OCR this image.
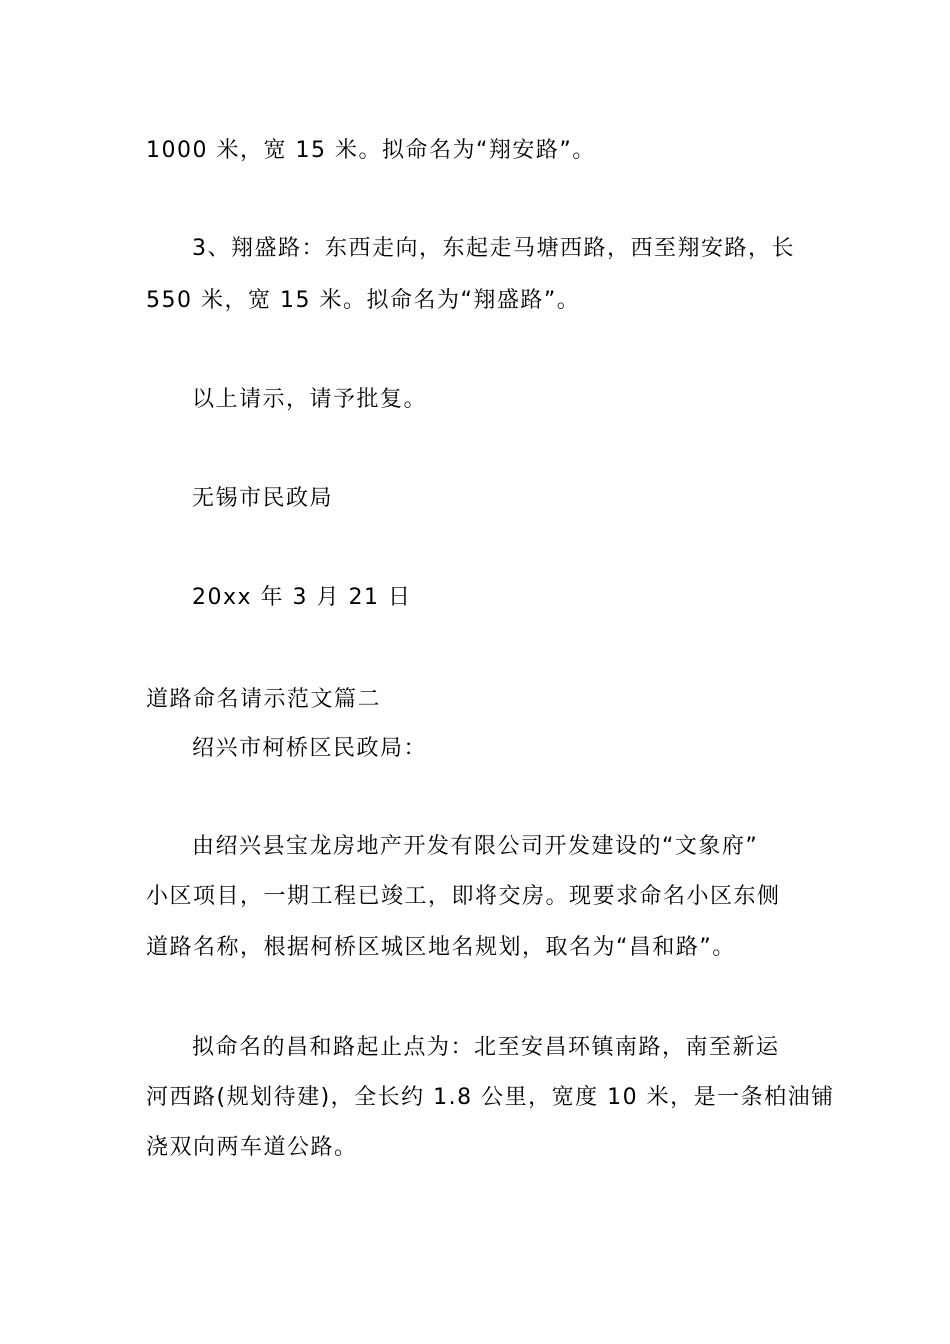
1000 米，宽 15 米。拟命名为“翔安路”。
3、翔盛路：东西走向，东起走马塘西路，西至翔安路，长
550 米，宽 15 米。拟命名为“翔盛路”。
以上请示，请予批复。
无锡市民政局
20xx 年 3 月 21 日
道路命名请示范文篇二
绍兴市柯桥区民政局：
由绍兴县宝龙房地产开发有限公司开发建设的“文象府”
小区项目，一期工程已竣工，即将交房。现要求命名小区东侧
道路名称，根据柯桥区城区地名规划，取名为“昌和路”。
拟命名的昌和路起止点为：北至安昌环镇南路，南至新运
河西路(规划待建)，全长约 1.8 公里，宽度 10 米，是一条柏油铺
浇双向两车道公路。
